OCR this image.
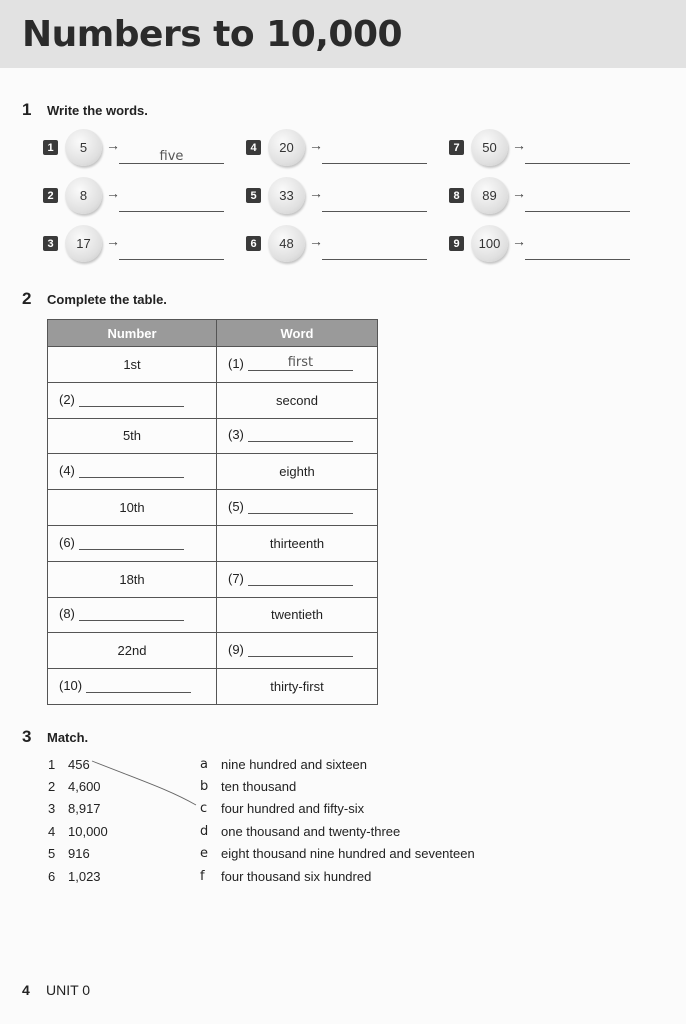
Numbers to 10,000
1	Write the words.
1	5	→
five
2	8	→
3	17	→
4	20	→
5	33	→
6	48	→
7	50	→
8	89	→
9	100 →
2	Complete the table.
Number	Word
1st	(1) first

(2)	second
5th	(3)

(4)	eighth
10th	(5)

(6)	thirteenth
18th	(7)

(8)	twentieth
22nd	(9)

(10)	thirty-first
3	Match.
1 456
2 4,600
3 8,917
4 10,000
5 916
6 1,023
a	nine hundred and sixteen
b ten thousand
c	four hundred and fifty-six
d one thousand and twenty-three
e	eight thousand nine hundred and seventeen
f	four thousand six hundred
4	UNIT 0
